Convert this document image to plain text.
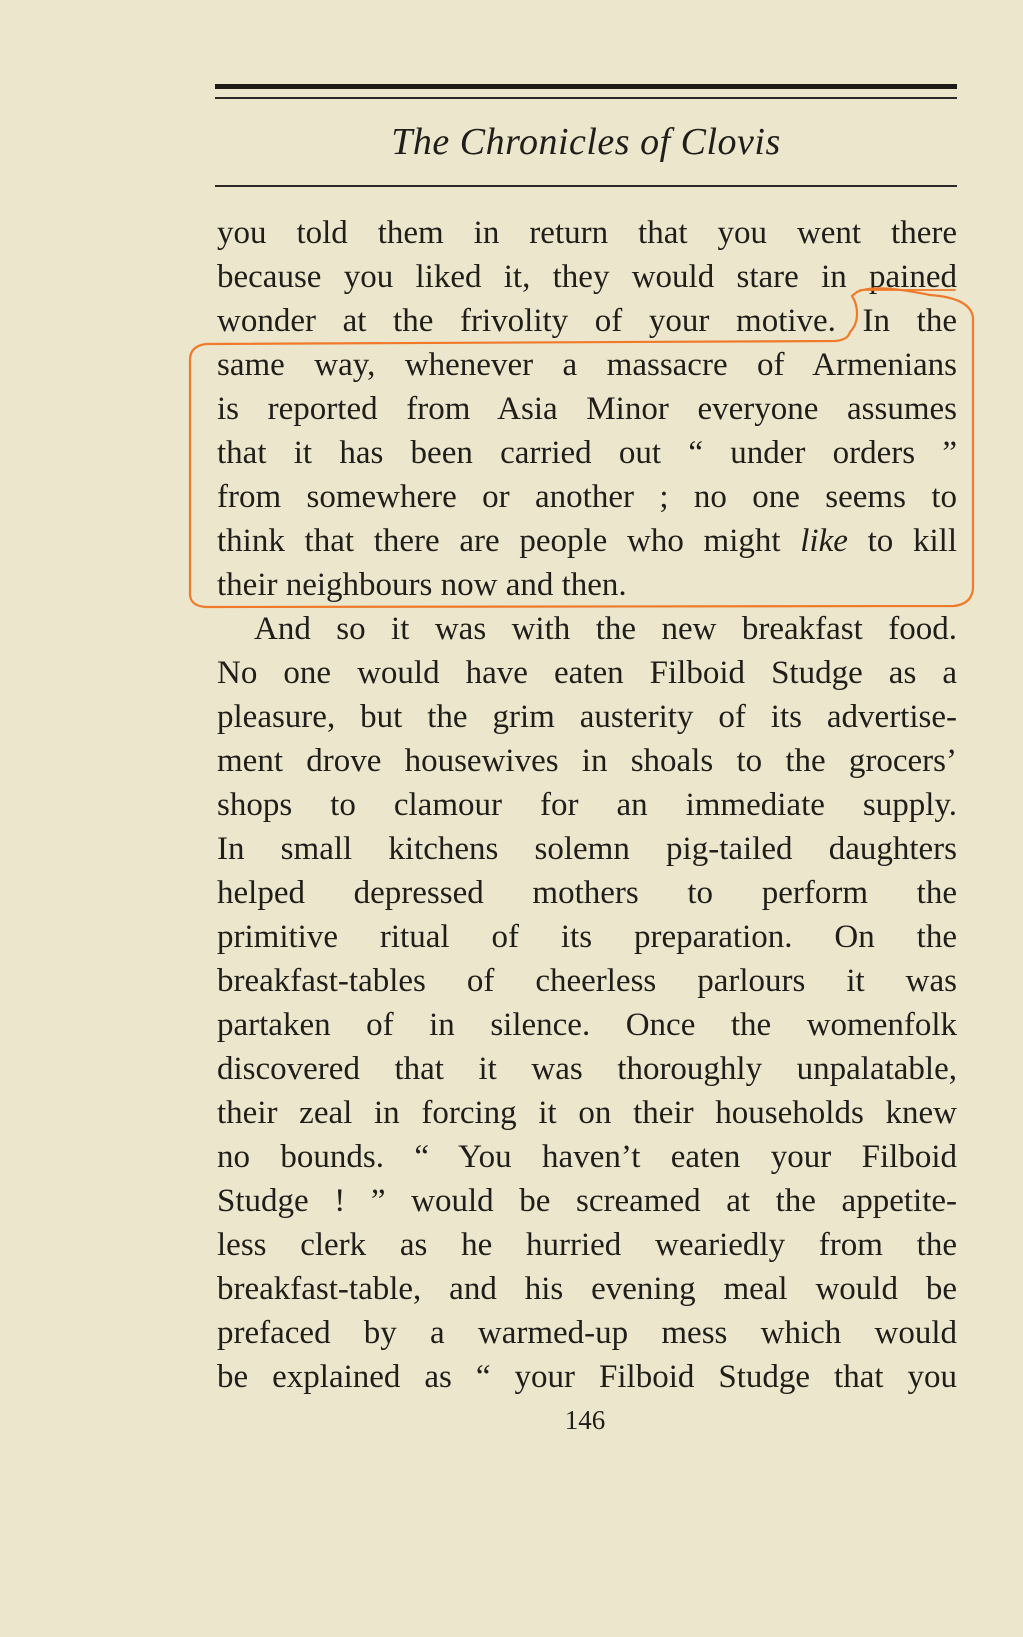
The Chronicles of Clovis
you told them in return that you went there
because you liked it, they would stare in pained
wonder at the frivolity of your motive. In the
same way, whenever a massacre of Armenians
is reported from Asia Minor everyone assumes
that it has been carried out “ under orders ”
from somewhere or another ; no one seems to
think that there are people who might like to kill
their neighbours now and then.
And so it was with the new breakfast food.
No one would have eaten Filboid Studge as a
pleasure, but the grim austerity of its advertise-
ment drove housewives in shoals to the grocers’
shops to clamour for an immediate supply.
In small kitchens solemn pig-tailed daughters
helped depressed mothers to perform the
primitive ritual of its preparation. On the
breakfast-tables of cheerless parlours it was
partaken of in silence. Once the womenfolk
discovered that it was thoroughly unpalatable,
their zeal in forcing it on their households knew
no bounds. “ You haven’t eaten your Filboid
Studge ! ” would be screamed at the appetite-
less clerk as he hurried weariedly from the
breakfast-table, and his evening meal would be
prefaced by a warmed-up mess which would
be explained as “ your Filboid Studge that you
146
